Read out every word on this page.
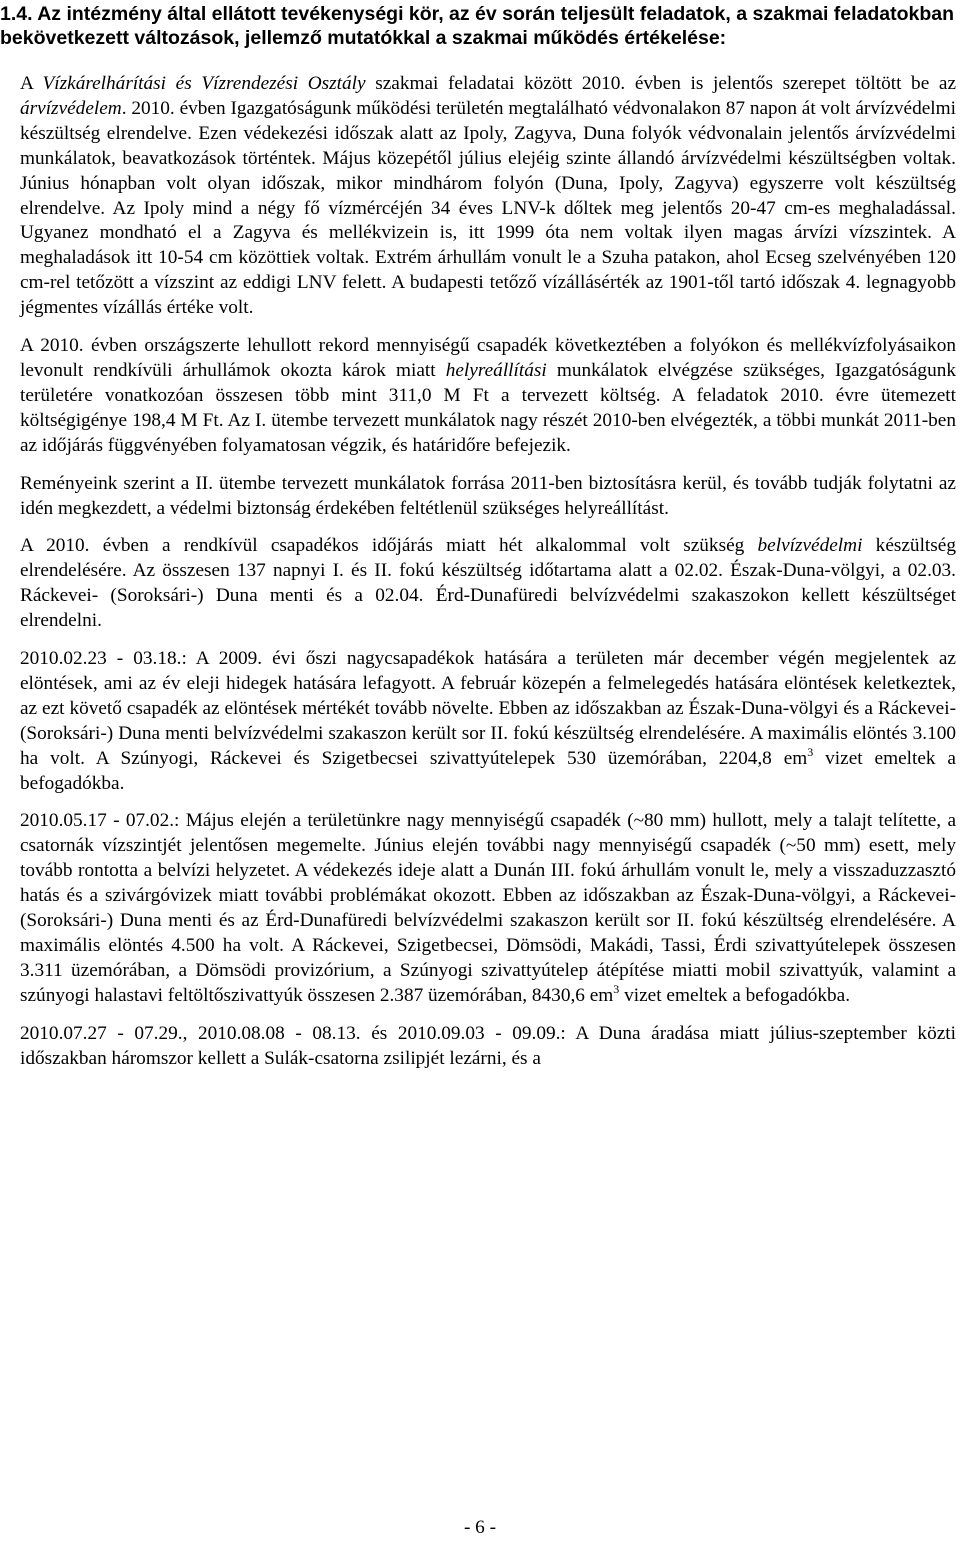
1.4. Az intézmény által ellátott tevékenységi kör, az év során teljesült feladatok, a szakmai feladatokban bekövetkezett változások, jellemző mutatókkal a szakmai működés értékelése:

A Vízkárelhárítási és Vízrendezési Osztály szakmai feladatai között 2010. évben is jelentős szerepet töltött be az árvízvédelem. 2010. évben Igazgatóságunk működési területén megtalálható védvonalakon 87 napon át volt árvízvédelmi készültség elrendelve. Ezen védekezési időszak alatt az Ipoly, Zagyva, Duna folyók védvonalain jelentős árvízvédelmi munkálatok, beavatkozások történtek. Május közepétől július elejéig szinte állandó árvízvédelmi készültségben voltak. Június hónapban volt olyan időszak, mikor mindhárom folyón (Duna, Ipoly, Zagyva) egyszerre volt készültség elrendelve. Az Ipoly mind a négy fő vízmércéjén 34 éves LNV-k dőltek meg jelentős 20-47 cm-es meghaladással. Ugyanez mondható el a Zagyva és mellékvizein is, itt 1999 óta nem voltak ilyen magas árvízi vízszintek. A meghaladások itt 10-54 cm közöttiek voltak. Extrém árhullám vonult le a Szuha patakon, ahol Ecseg szelvényében 120 cm-rel tetőzött a vízszint az eddigi LNV felett. A budapesti tetőző vízállásérték az 1901-től tartó időszak 4. legnagyobb jégmentes vízállás értéke volt.

A 2010. évben országszerte lehullott rekord mennyiségű csapadék következtében a folyókon és mellékvízfolyásaikon levonult rendkívüli árhullámok okozta károk miatt helyreállítási munkálatok elvégzése szükséges, Igazgatóságunk területére vonatkozóan összesen több mint 311,0 M Ft a tervezett költség. A feladatok 2010. évre ütemezett költségigénye 198,4 M Ft. Az I. ütembe tervezett munkálatok nagy részét 2010-ben elvégezték, a többi munkát 2011-ben az időjárás függvényében folyamatosan végzik, és határidőre befejezik.

Reményeink szerint a II. ütembe tervezett munkálatok forrása 2011-ben biztosításra kerül, és tovább tudják folytatni az idén megkezdett, a védelmi biztonság érdekében feltétlenül szükséges helyreállítást.

A 2010. évben a rendkívül csapadékos időjárás miatt hét alkalommal volt szükség belvízvédelmi készültség elrendelésére. Az összesen 137 napnyi I. és II. fokú készültség időtartama alatt a 02.02. Észak-Duna-völgyi, a 02.03. Ráckevei- (Soroksári-) Duna menti és a 02.04. Érd-Dunafüredi belvízvédelmi szakaszokon kellett készültséget elrendelni.

2010.02.23 - 03.18.: A 2009. évi őszi nagycsapadékok hatására a területen már december végén megjelentek az elöntések, ami az év eleji hidegek hatására lefagyott. A február közepén a felmelegedés hatására elöntések keletkeztek, az ezt követő csapadék az elöntések mértékét tovább növelte. Ebben az időszakban az Észak-Duna-völgyi és a Ráckevei- (Soroksári-) Duna menti belvízvédelmi szakaszon került sor II. fokú készültség elrendelésére. A maximális elöntés 3.100 ha volt. A Szúnyogi, Ráckevei és Szigetbecsei szivattyútelepek 530 üzemórában, 2204,8 $em^3$ vizet emeltek a befogadókba.

2010.05.17 - 07.02.: Május elején a területünkre nagy mennyiségű csapadék (~80 mm) hullott, mely a talajt telítette, a csatornák vízszintjét jelentősen megemelte. Június elején további nagy mennyiségű csapadék (~50 mm) esett, mely tovább rontotta a belvízi helyzetet. A védekezés ideje alatt a Dunán III. fokú árhullám vonult le, mely a visszaduzzasztó hatás és a szivárgóvizek miatt további problémákat okozott. Ebben az időszakban az Észak-Duna-völgyi, a Ráckevei- (Soroksári-) Duna menti és az Érd-Dunafüredi belvízvédelmi szakaszon került sor II. fokú készültség elrendelésére. A maximális elöntés 4.500 ha volt. A Ráckevei, Szigetbecsei, Dömsödi, Makádi, Tassi, Érdi szivattyútelepek összesen 3.311 üzemórában, a Dömsödi provizórium, a Szúnyogi szivattyútelep átépítése miatti mobil szivattyúk, valamint a szúnyogi halastavi feltöltőszivattyúk összesen 2.387 üzemórában, 8430,6 $em^3$ vizet emeltek a befogadókba.

2010.07.27 - 07.29., 2010.08.08 - 08.13. és 2010.09.03 - 09.09.: A Duna áradása miatt július-szeptember közti időszakban háromszor kellett a Sulák-csatorna zsilipjét lezárni, és a

- 6 -
